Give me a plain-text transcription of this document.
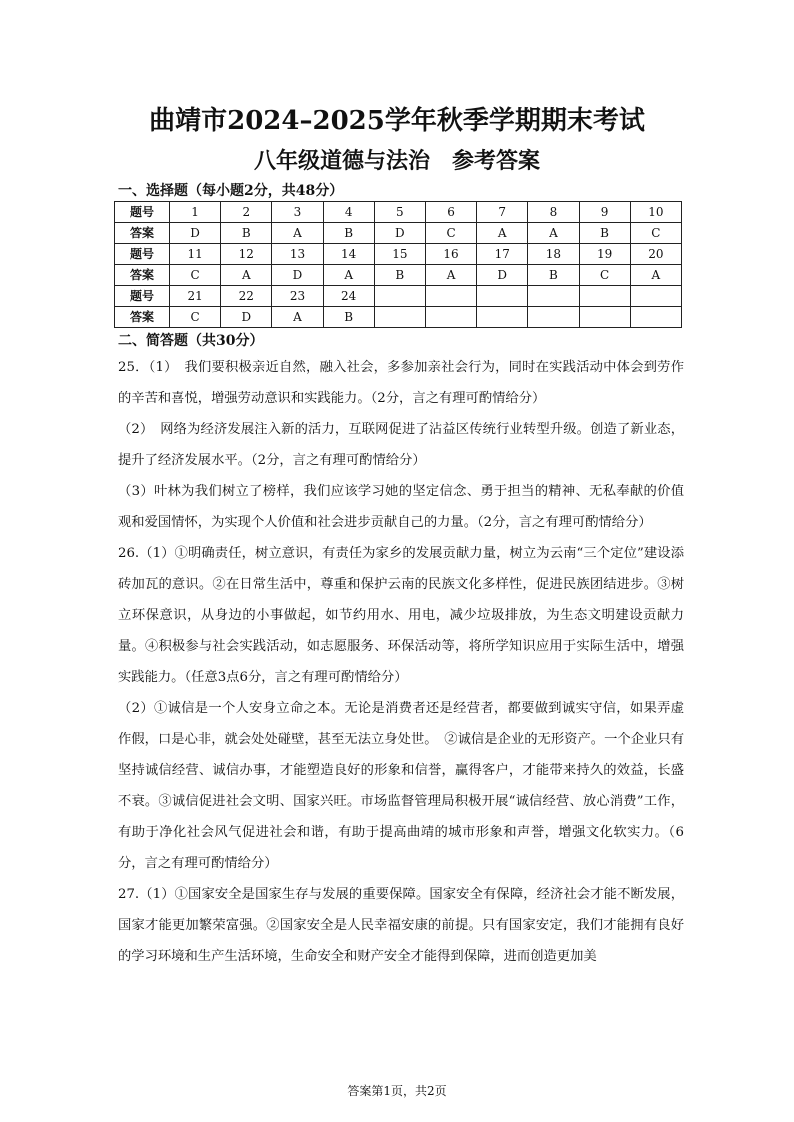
曲靖市2024–2025学年秋季学期期末考试
八年级道德与法治　参考答案
一、选择题（每小题2分，共48分）
题号	1	2	3	4	5	6	7	8	9	10
答案	D	B	A	B	D	C	A	A	B	C
题号	11	12	13	14	15	16	17	18	19	20
答案	C	A	D	A	B	A	D	B	C	A
题号	21	22	23	24						
答案	C	D	A	B						
二、简答题（共30分）

25．（1）　我们要积极亲近自然，融入社会，多参加亲社会行为，同时在实践活动中体会到劳作的辛苦和喜悦，增强劳动意识和实践能力。（2分，言之有理可酌情给分）

（2）　网络为经济发展注入新的活力，互联网促进了沾益区传统行业转型升级。创造了新业态，提升了经济发展水平。（2分，言之有理可酌情给分）

（3）叶林为我们树立了榜样，我们应该学习她的坚定信念、勇于担当的精神、无私奉献的价值观和爱国情怀，为实现个人价值和社会进步贡献自己的力量。（2分，言之有理可酌情给分）

26.（1）①明确责任，树立意识，有责任为家乡的发展贡献力量，树立为云南“三个定位”建设添砖加瓦的意识。②在日常生活中，尊重和保护云南的民族文化多样性，促进民族团结进步。③树立环保意识，从身边的小事做起，如节约用水、用电，减少垃圾排放，为生态文明建设贡献力量。④积极参与社会实践活动，如志愿服务、环保活动等，将所学知识应用于实际生活中，增强实践能力。（任意3点6分，言之有理可酌情给分）

（2）①诚信是一个人安身立命之本。无论是消费者还是经营者，都要做到诚实守信，如果弄虚作假，口是心非，就会处处碰壁，甚至无法立身处世。　②诚信是企业的无形资产。一个企业只有坚持诚信经营、诚信办事，才能塑造良好的形象和信誉，赢得客户，才能带来持久的效益，长盛不衰。③诚信促进社会文明、国家兴旺。市场监督管理局积极开展“诚信经营、放心消费”工作，有助于净化社会风气促进社会和谐，有助于提高曲靖的城市形象和声誉，增强文化软实力。（6分，言之有理可酌情给分）

27.（1）①国家安全是国家生存与发展的重要保障。国家安全有保障，经济社会才能不断发展，国家才能更加繁荣富强。②国家安全是人民幸福安康的前提。只有国家安定，我们才能拥有良好的学习环境和生产生活环境，生命安全和财产安全才能得到保障，进而创造更加美

答案第1页，共2页
